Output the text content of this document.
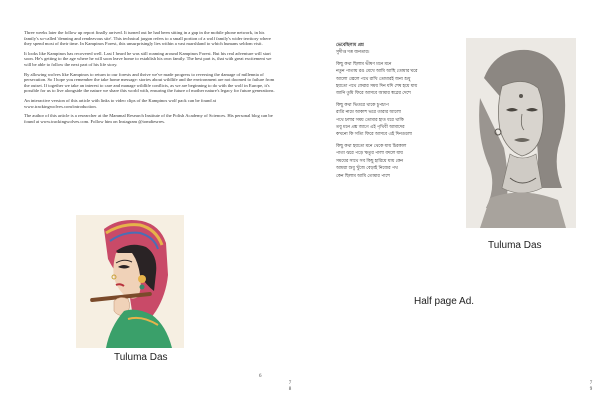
Three weeks later the follow up report finally arrived. It turned out he had been sitting in a gap in the mobile phone network, in his family's so-called 'denning and rendezvous site'. This technical jargon refers to a small portion of a wolf family's wider territory where they spend most of their time. In Kampinos Forest, this unsurprisingly lies within a vast marshland to which humans seldom visit.

It looks like Kampinos has recovered well. Last I heard he was still roaming around Kampinos Forest. But his real adventure will start soon. He's getting to the age where he will soon leave home to establish his own family. The best part is, that with great excitement we will be able to follow the next part of his life story.

By allowing wolves like Kampinos to return to our forests and thrive we've made progress to reversing the damage of millennia of persecution. So I hope you remember the take home message: stories about wildlife and the environment are not doomed to failure from the outset. If together we take an interest to care and manage wildlife conflicts, as we are beginning to do with the wolf in Europe, it's possible for us to live alongside the nature we share this world with, ensuring the future of mother nature's legacy for future generations.

An interactive version of this article with links to video clips of the Kampinos wolf pack can be found at www.trackingwolves.com/introduction.

The author of this article is a researcher at the Mammal Research Institute of the Polish Academy of Sciences. His personal blog can be found at www.trackingwolves.com. Follow him on Instagram @tomdiesrres.

Tuluma Das
6
7
8
ভেবেছিলাম প্রশ্ন
সুদীপ্ত দত্ত জনতার।
কিছু কথা ছিলাম ভীষণ মনে মনে
নতুন পাতায় রঙ মেখে আমি আছি তোমার ঘরে
আলো জ্বেলে পথে রাখি তোমারই জন্য শুধু
হয়তো পথে ফেরার সময় দিন যদি শেষ হয়ে যায়
জানি তুমি ফিরে আসবে আমার স্বপ্নের দেশে
কিছু কথা ভিতরে থাকে চুপচাপ
রাত্রি নামে আকাশ ভরে তারার আলো
পথে চলার সময় তোমার হাত ধরে থাকি
তবু মনে প্রশ্ন জাগে এই পৃথিবী আমাদের
কখনো কি সত্যি ফিরে আসবে এই দিনগুলো
কিছু কথা হয়তো মনে থেকে যায় চিরকাল
পাতা ঝরে পড়ে ঋতুর পালা বদলে যায়
সময়ের সাথে সব কিছু হারিয়ে যায় কেন
আমরা শুধু খুঁজে বেড়াই নিজের পথ
কেন ছিলাম আমি তোমার পাশে
Tuluma Das
Half page Ad.
7
9
